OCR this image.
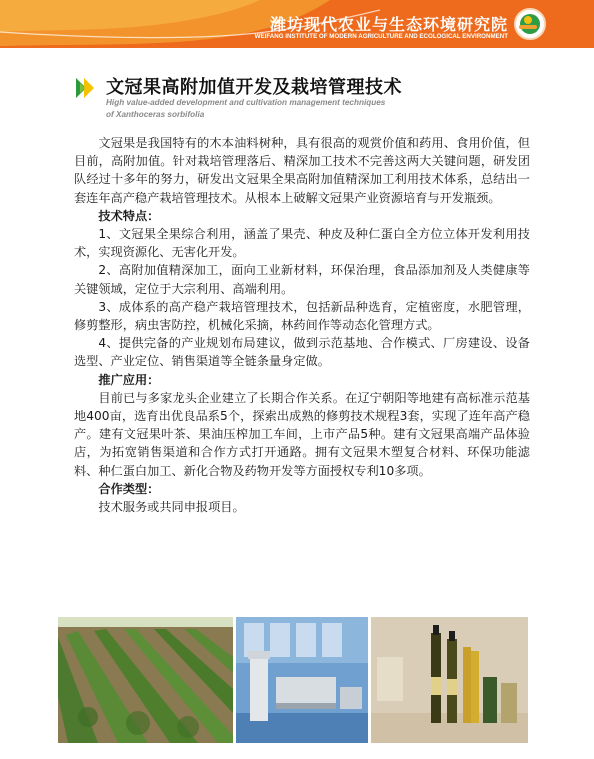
潍坊现代农业与生态环境研究院
WEIFANG INSTITUTE OF MODERN AGRICULTURE AND ECOLOGICAL ENVIRONMENT
文冠果高附加值开发及栽培管理技术
High value-added development and cultivation management techniques
of Xanthoceras sorbifolia

文冠果是我国特有的木本油料树种，具有很高的观赏价值和药用、食用价值，但目前，高附加值。针对栽培管理落后、精深加工技术不完善这两大关键问题，研发团队经过十多年的努力，研发出文冠果全果高附加值精深加工利用技术体系，总结出一套连年高产稳产栽培管理技术。从根本上破解文冠果产业资源培育与开发瓶颈。

技术特点：

1、文冠果全果综合利用，涵盖了果壳、种皮及种仁蛋白全方位立体开发利用技术，实现资源化、无害化开发。

2、高附加值精深加工，面向工业新材料，环保治理，食品添加剂及人类健康等关键领域，定位于大宗利用、高端利用。

3、成体系的高产稳产栽培管理技术，包括新品种选育，定植密度，水肥管理，修剪整形，病虫害防控，机械化采摘，林药间作等动态化管理方式。

4、提供完备的产业规划布局建议，做到示范基地、合作模式、厂房建设、设备选型、产业定位、销售渠道等全链条量身定做。

推广应用：

目前已与多家龙头企业建立了长期合作关系。在辽宁朝阳等地建有高标准示范基地400亩，选育出优良品系5个，探索出成熟的修剪技术规程3套，实现了连年高产稳产。建有文冠果叶茶、果油压榨加工车间，上市产品5种。建有文冠果高端产品体验店，为拓宽销售渠道和合作方式打开通路。拥有文冠果木塑复合材料、环保功能滤料、种仁蛋白加工、新化合物及药物开发等方面授权专利10多项。

合作类型：

技术服务或共同申报项目。
